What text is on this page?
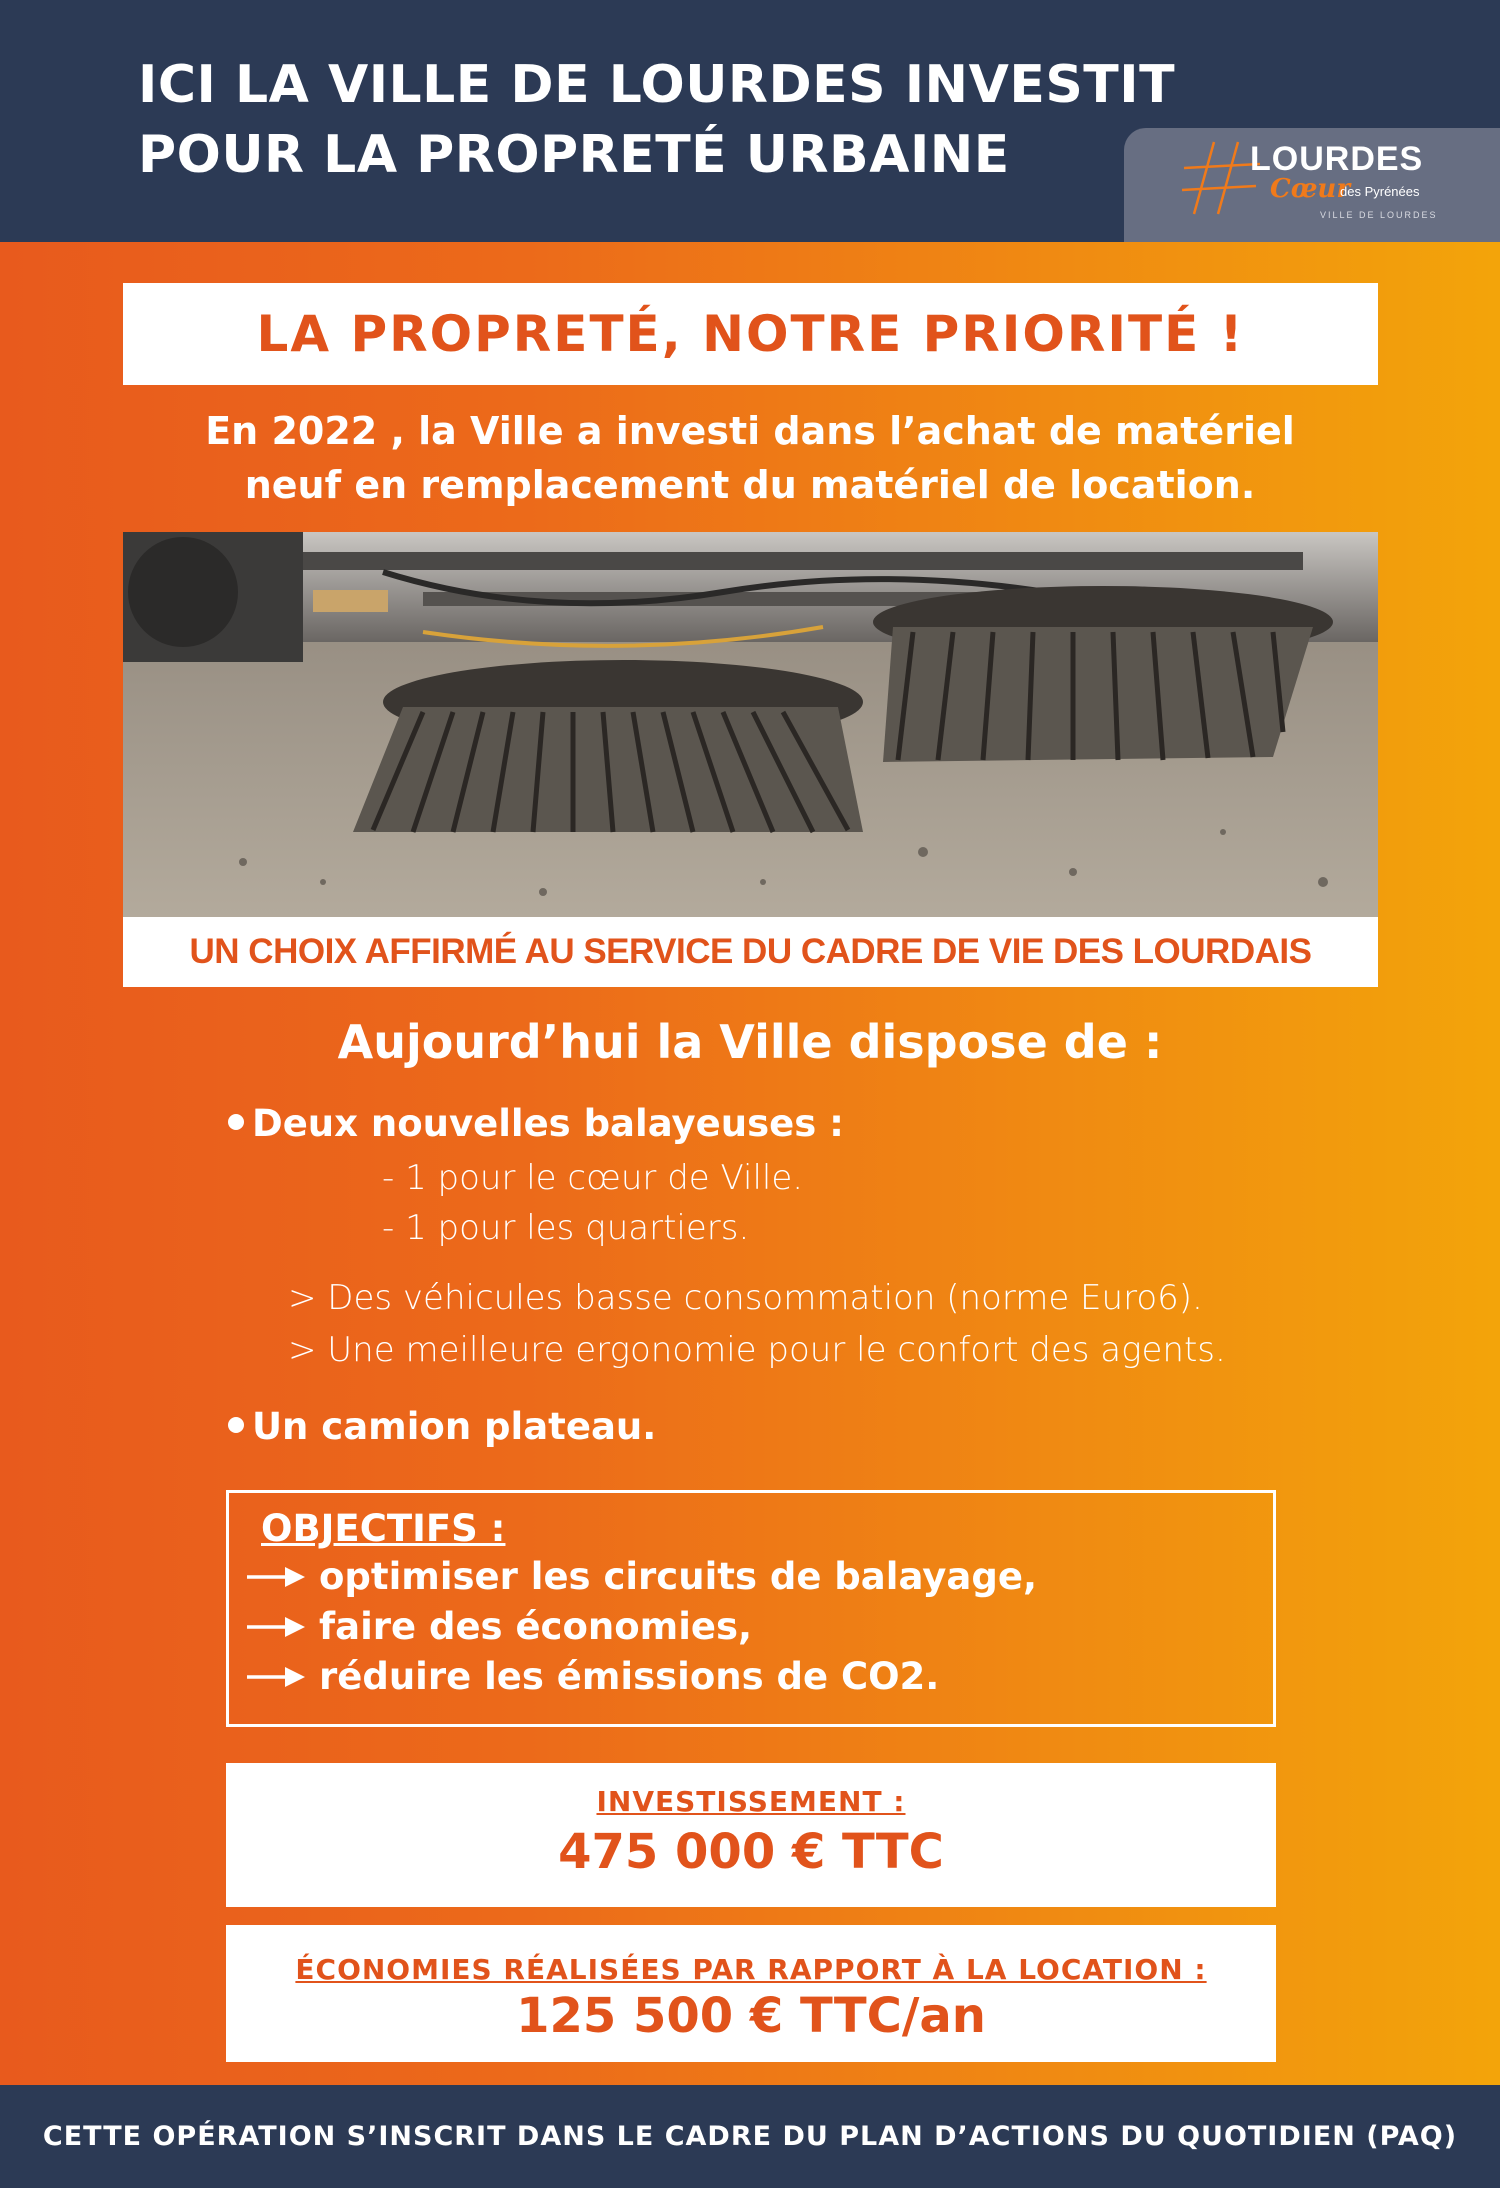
ICI LA VILLE DE LOURDES INVESTIT
POUR LA PROPRETÉ URBAINE	LOURDES
Cœur
des Pyrénées
VILLE DE LOURDES
LA PROPRETÉ, NOTRE PRIORITÉ !
En 2022 , la Ville a investi dans l’achat de matériel
neuf en remplacement du matériel de location.
UN CHOIX AFFIRMÉ AU SERVICE DU CADRE DE VIE DES LOURDAIS
Aujourd’hui la Ville dispose de :
Deux nouvelles balayeuses :
- 1 pour le cœur de Ville.
- 1 pour les quartiers.
> Des véhicules basse consommation (norme Euro6).
> Une meilleure ergonomie pour le confort des agents.
Un camion plateau.
OBJECTIFS :
optimiser les circuits de balayage,
faire des économies,
réduire les émissions de CO2.
INVESTISSEMENT :
475 000 € TTC
ÉCONOMIES RÉALISÉES PAR RAPPORT À LA LOCATION :
125 500 € TTC/an
CETTE OPÉRATION S’INSCRIT DANS LE CADRE DU PLAN D’ACTIONS DU QUOTIDIEN (PAQ)
